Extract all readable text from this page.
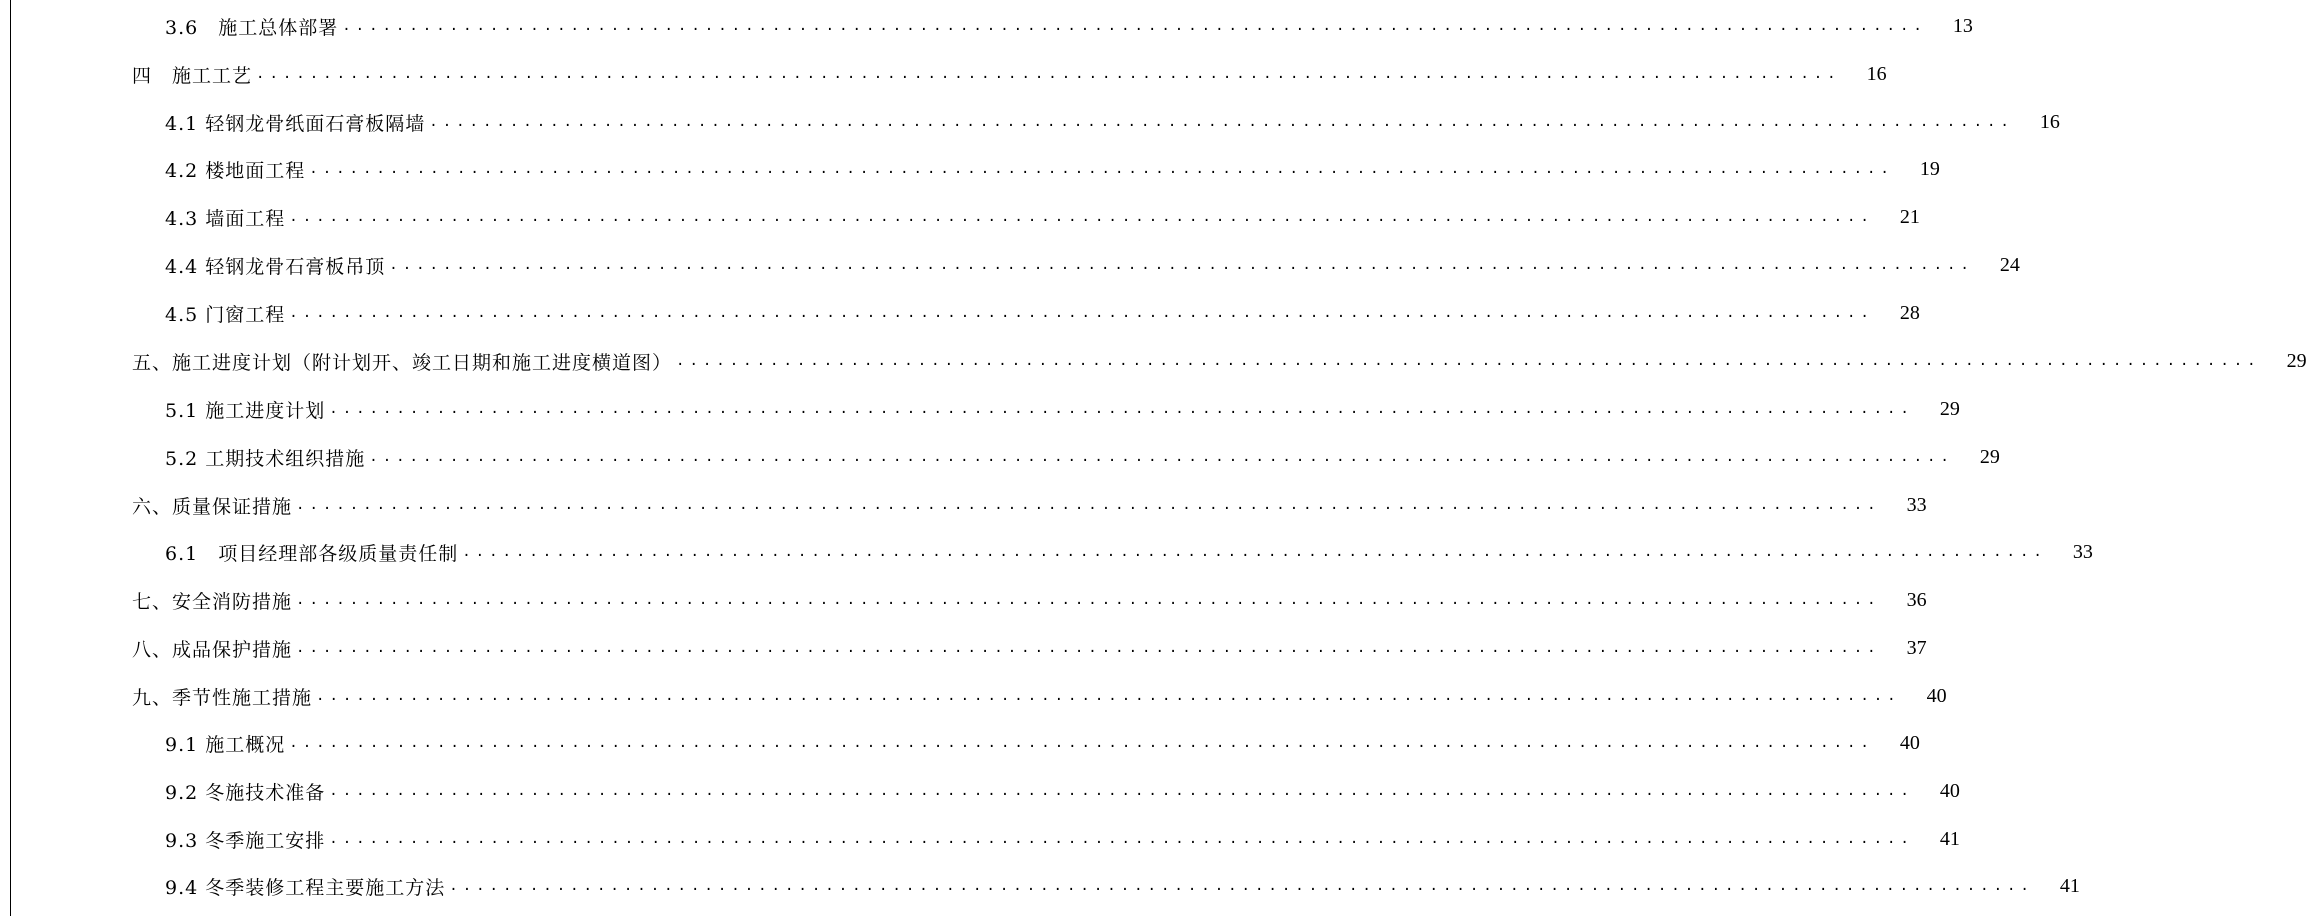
3.6　施工总体部署 ......................................................................................................................	13
四　施工工艺 ......................................................................................................................	16
4.1 轻钢龙骨纸面石膏板隔墙 ......................................................................................................................	16
4.2 楼地面工程 ......................................................................................................................	19
4.3 墙面工程 ......................................................................................................................	21
4.4 轻钢龙骨石膏板吊顶 ......................................................................................................................	24
4.5 门窗工程 ......................................................................................................................	28
五、施工进度计划（附计划开、竣工日期和施工进度横道图） ......................................................................................................................	29
5.1 施工进度计划 ......................................................................................................................	29
5.2 工期技术组织措施 ......................................................................................................................	29
六、质量保证措施 ......................................................................................................................	33
6.1　项目经理部各级质量责任制 ......................................................................................................................	33
七、安全消防措施 ......................................................................................................................	36
八、成品保护措施 ......................................................................................................................	37
九、季节性施工措施 ......................................................................................................................	40
9.1 施工概况 ......................................................................................................................	40
9.2 冬施技术准备 ......................................................................................................................	40
9.3 冬季施工安排 ......................................................................................................................	41
9.4 冬季装修工程主要施工方法 ......................................................................................................................	41
